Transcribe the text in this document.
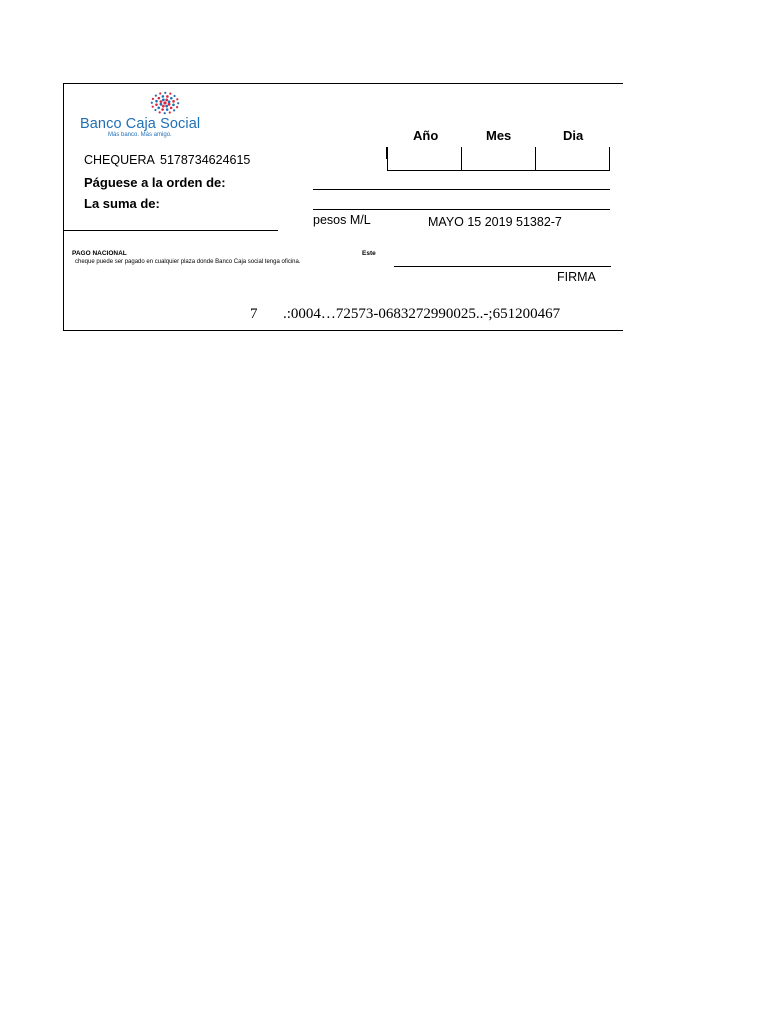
Banco Caja Social
Más banco. Más amigo.	Año	Mes	Dia
CHEQUERA 5178734624615
Páguese a la orden de:
La suma de:
pesos M/L	MAYO 15 2019 51382-7
PAGO NACIONAL	Este
cheque puede ser pagado en cualquier plaza donde Banco Caja social tenga oficina.
FIRMA
7 .:0004…72573-0683272990025..-;651200467
